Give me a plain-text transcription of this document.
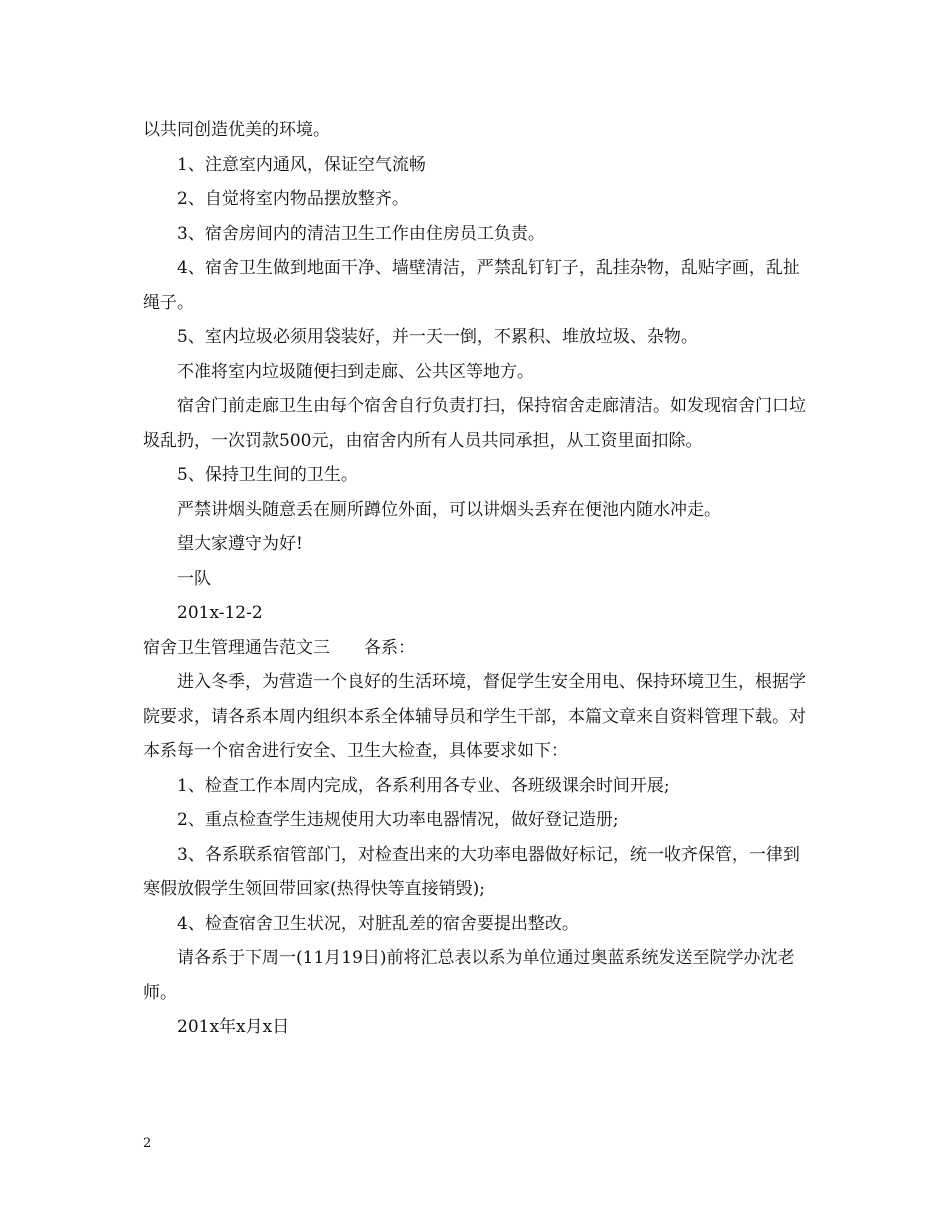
以共同创造优美的环境。

1、注意室内通风，保证空气流畅

2、自觉将室内物品摆放整齐。

3、宿舍房间内的清洁卫生工作由住房员工负责。

4、宿舍卫生做到地面干净、墙壁清洁，严禁乱钉钉子，乱挂杂物，乱贴字画，乱扯绳子。

5、室内垃圾必须用袋装好，并一天一倒，不累积、堆放垃圾、杂物。

不准将室内垃圾随便扫到走廊、公共区等地方。

宿舍门前走廊卫生由每个宿舍自行负责打扫，保持宿舍走廊清洁。如发现宿舍门口垃圾乱扔，一次罚款500元，由宿舍内所有人员共同承担，从工资里面扣除。

5、保持卫生间的卫生。

严禁讲烟头随意丢在厕所蹲位外面，可以讲烟头丢弃在便池内随水冲走。

望大家遵守为好!

一队

201x-12-2

宿舍卫生管理通告范文三　　各系：

进入冬季，为营造一个良好的生活环境，督促学生安全用电、保持环境卫生，根据学院要求，请各系本周内组织本系全体辅导员和学生干部，本篇文章来自资料管理下载。对本系每一个宿舍进行安全、卫生大检查，具体要求如下：

1、检查工作本周内完成，各系利用各专业、各班级课余时间开展;

2、重点检查学生违规使用大功率电器情况，做好登记造册;

3、各系联系宿管部门，对检查出来的大功率电器做好标记，统一收齐保管，一律到寒假放假学生领回带回家(热得快等直接销毁);

4、检查宿舍卫生状况，对脏乱差的宿舍要提出整改。

请各系于下周一(11月19日)前将汇总表以系为单位通过奥蓝系统发送至院学办沈老师。

201x年x月x日

2
